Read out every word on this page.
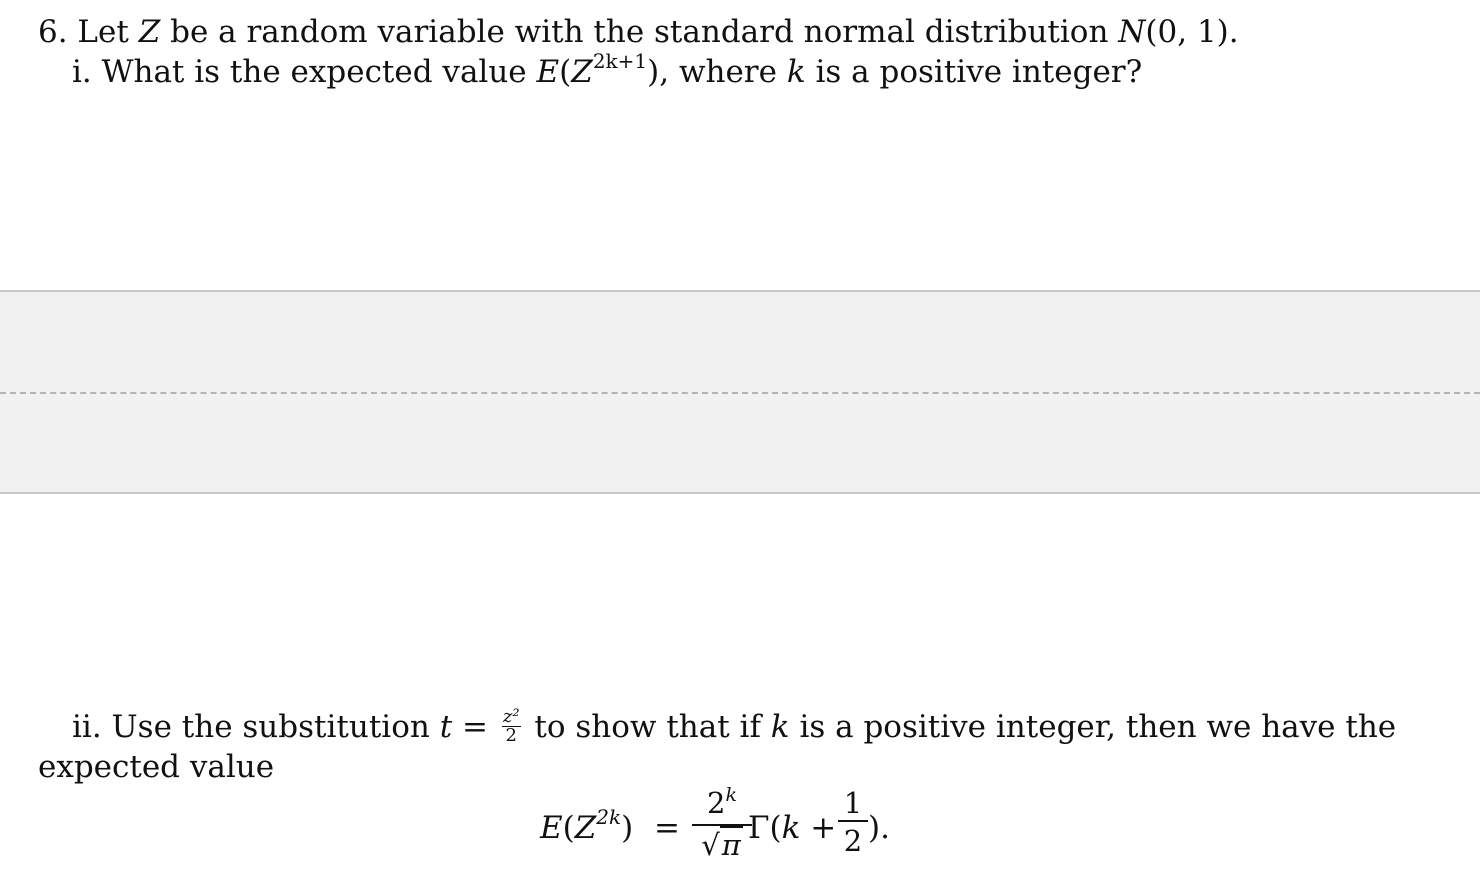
6. Let Z be a random variable with the standard normal distribution N(0, 1).
i. What is the expected value $E(Z^{2k+1})$, where k is a positive integer?
ii. Use the substitution $t = \frac{\text{z²}}{2}$ to show that if k is a positive integer, then we have the
expected value
$E(Z^{2k}) = \frac{2^k}{√\pi}$
$\Gamma(k + \frac{1}{2}$ ).
